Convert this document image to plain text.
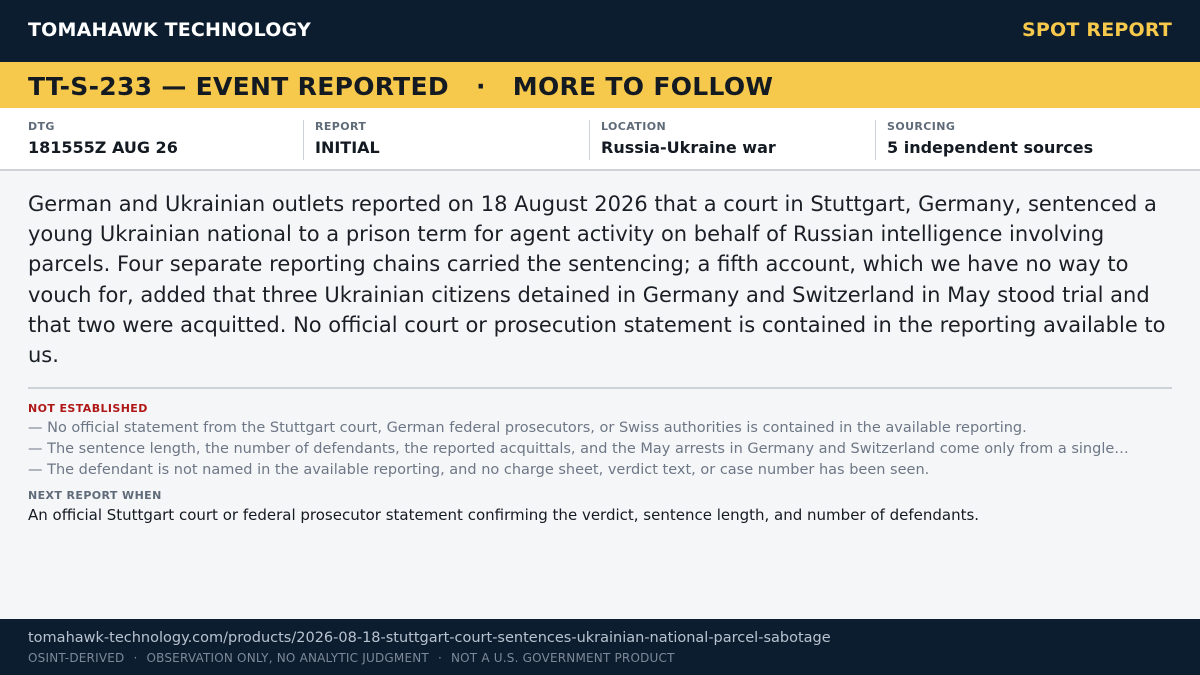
TOMAHAWK TECHNOLOGY	SPOT REPORT
TT-S-233 — EVENT REPORTED   ·   MORE TO FOLLOW
DTG
181555Z AUG 26
REPORT
INITIAL
LOCATION
Russia-Ukraine war
SOURCING
5 independent sources

German and Ukrainian outlets reported on 18 August 2026 that a court in Stuttgart, Germany, sentenced a young Ukrainian national to a prison term for agent activity on behalf of Russian intelligence involving parcels. Four separate reporting chains carried the sentencing; a fifth account, which we have no way to vouch for, added that three Ukrainian citizens detained in Germany and Switzerland in May stood trial and that two were acquitted. No official court or prosecution statement is contained in the reporting available to us.

NOT ESTABLISHED
— No official statement from the Stuttgart court, German federal prosecutors, or Swiss authorities is contained in the available reporting.
— The sentence length, the number of defendants, the reported acquittals, and the May arrests in Germany and Switzerland come only from a single…
— The defendant is not named in the available reporting, and no charge sheet, verdict text, or case number has been seen.
NEXT REPORT WHEN
An official Stuttgart court or federal prosecutor statement confirming the verdict, sentence length, and number of defendants.
tomahawk-technology.com/products/2026-08-18-stuttgart-court-sentences-ukrainian-national-parcel-sabotage
OSINT-DERIVED · OBSERVATION ONLY, NO ANALYTIC JUDGMENT · NOT A U.S. GOVERNMENT PRODUCT
